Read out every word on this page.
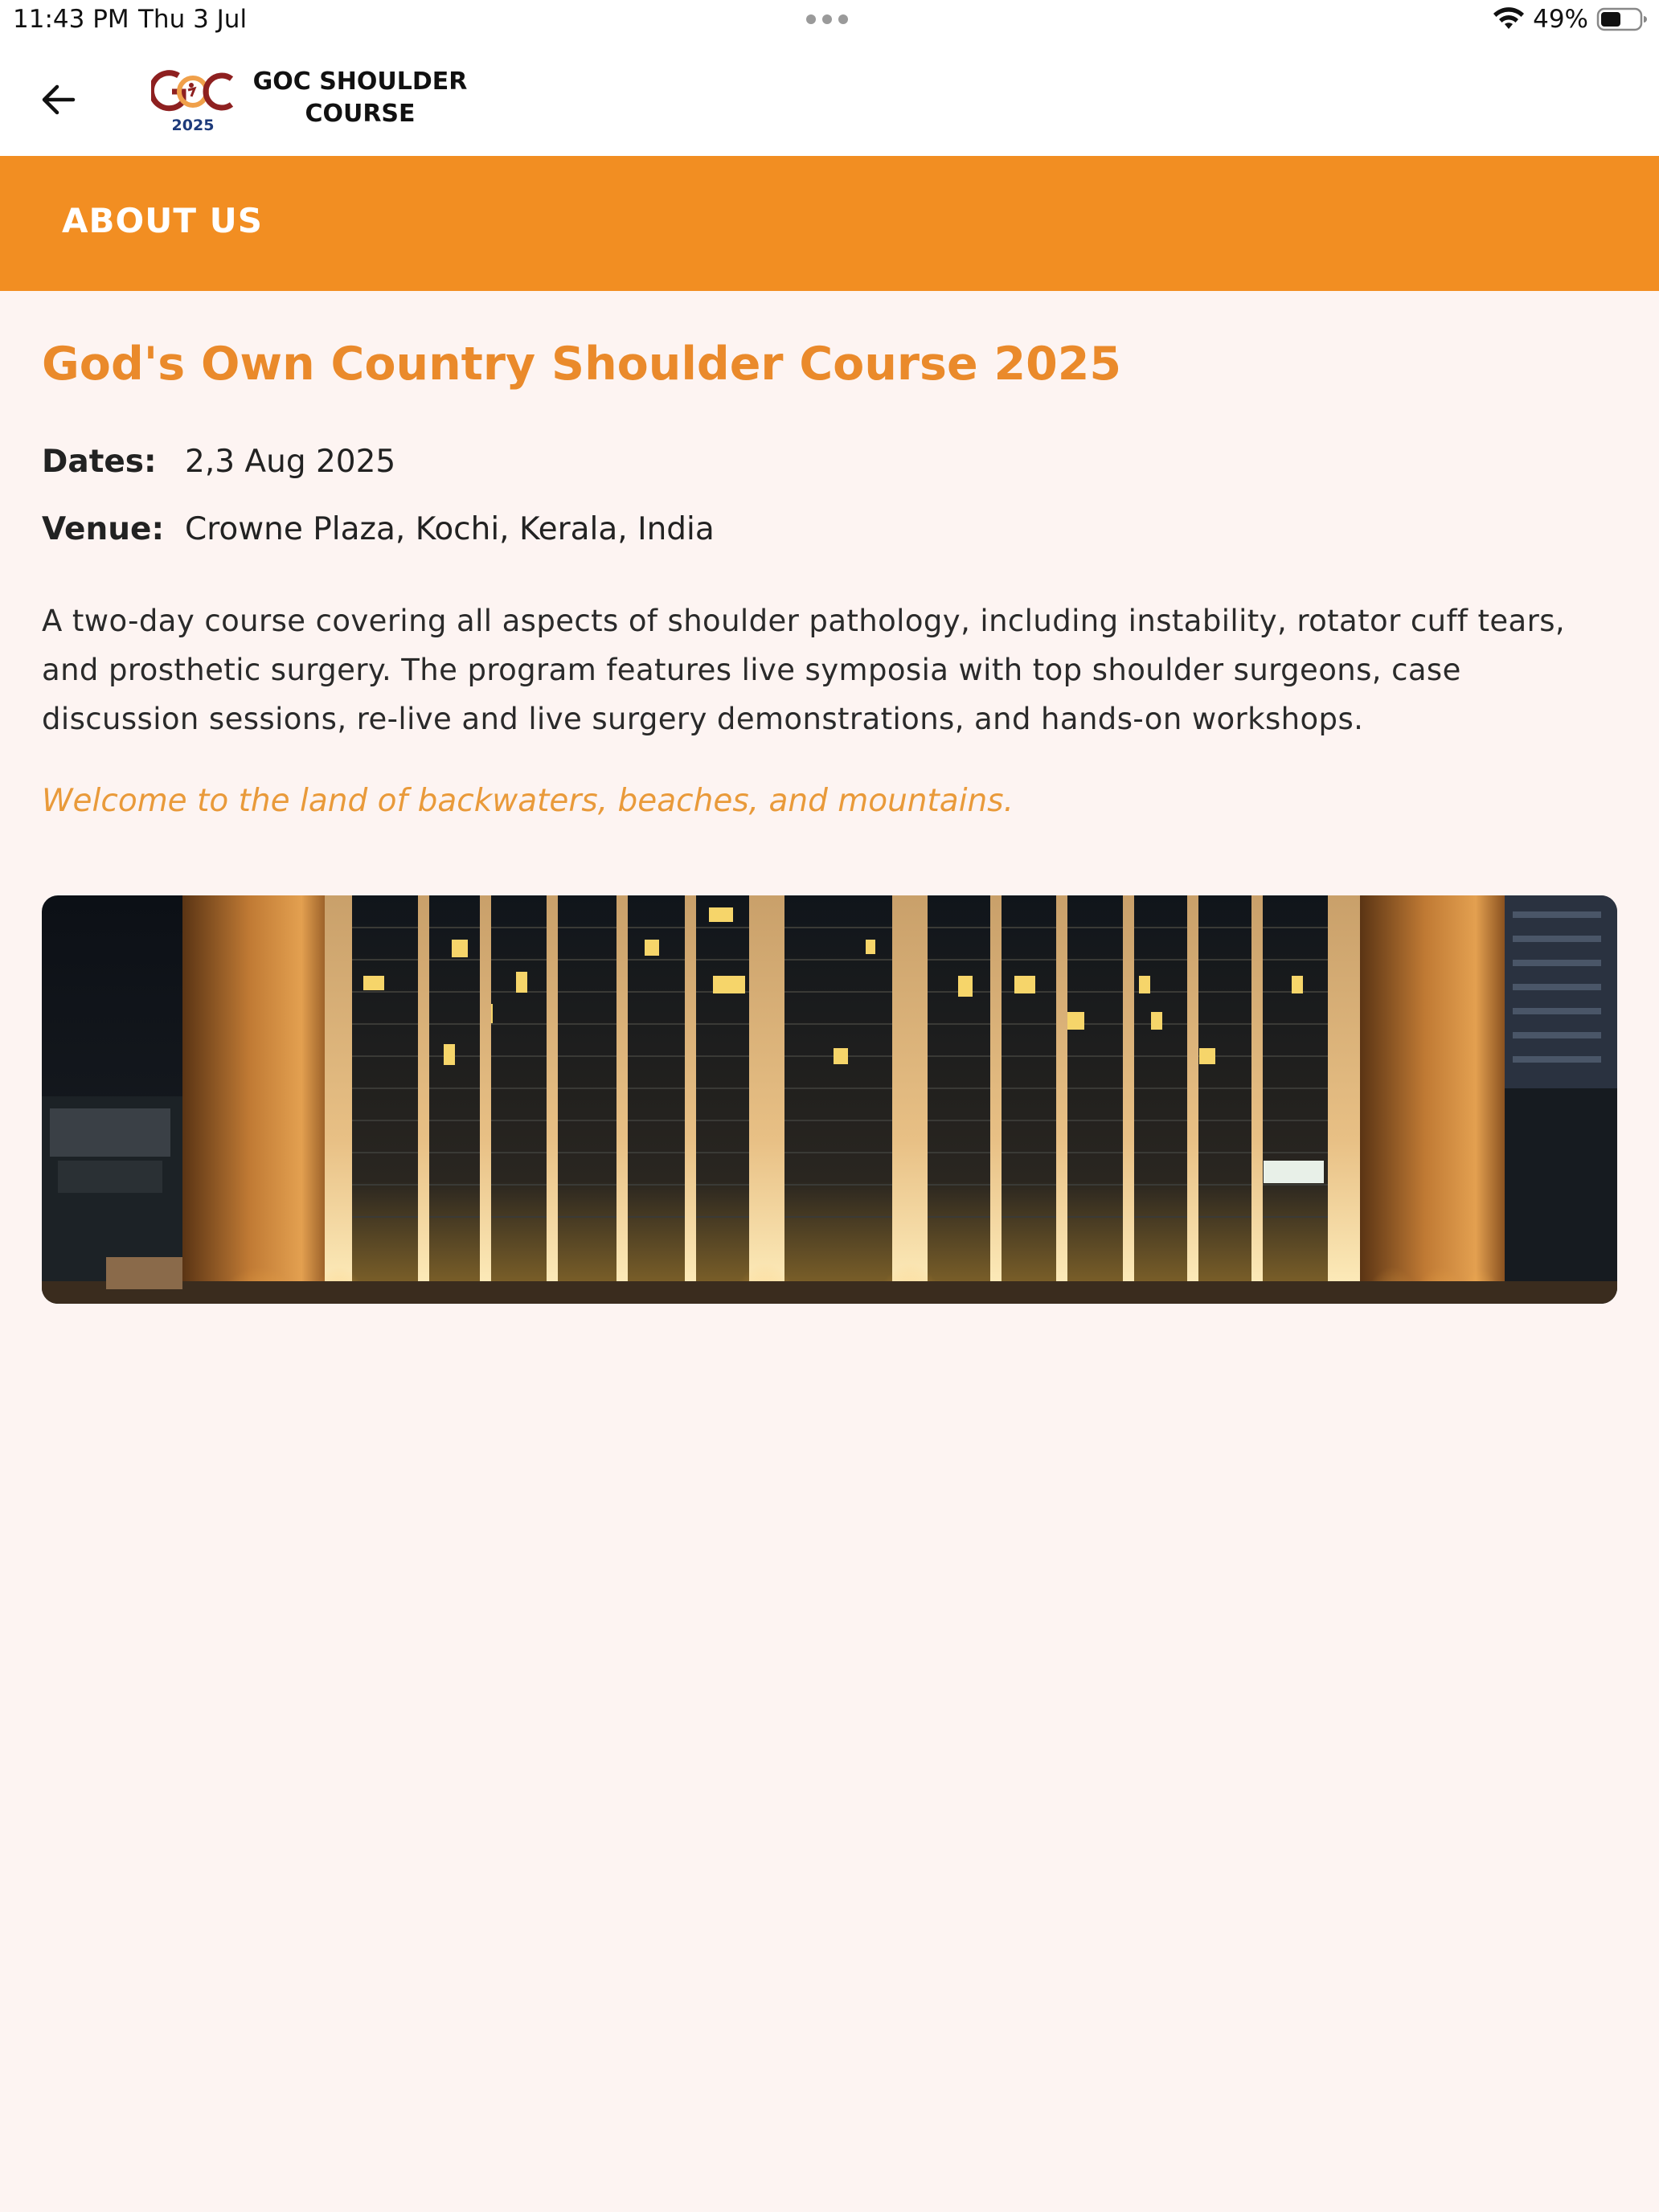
11:43 PM Thu 3 Jul	49%
2025
GOC SHOULDER COURSE
ABOUT US
God's Own Country Shoulder Course 2025
Dates: 2,3 Aug 2025
Venue: Crowne Plaza, Kochi, Kerala, India
A two-day course covering all aspects of shoulder pathology, including instability, rotator cuff tears, and prosthetic surgery. The program features live symposia with top shoulder surgeons, case discussion sessions, re-live and live surgery demonstrations, and hands-on workshops.
Welcome to the land of backwaters, beaches, and mountains.
